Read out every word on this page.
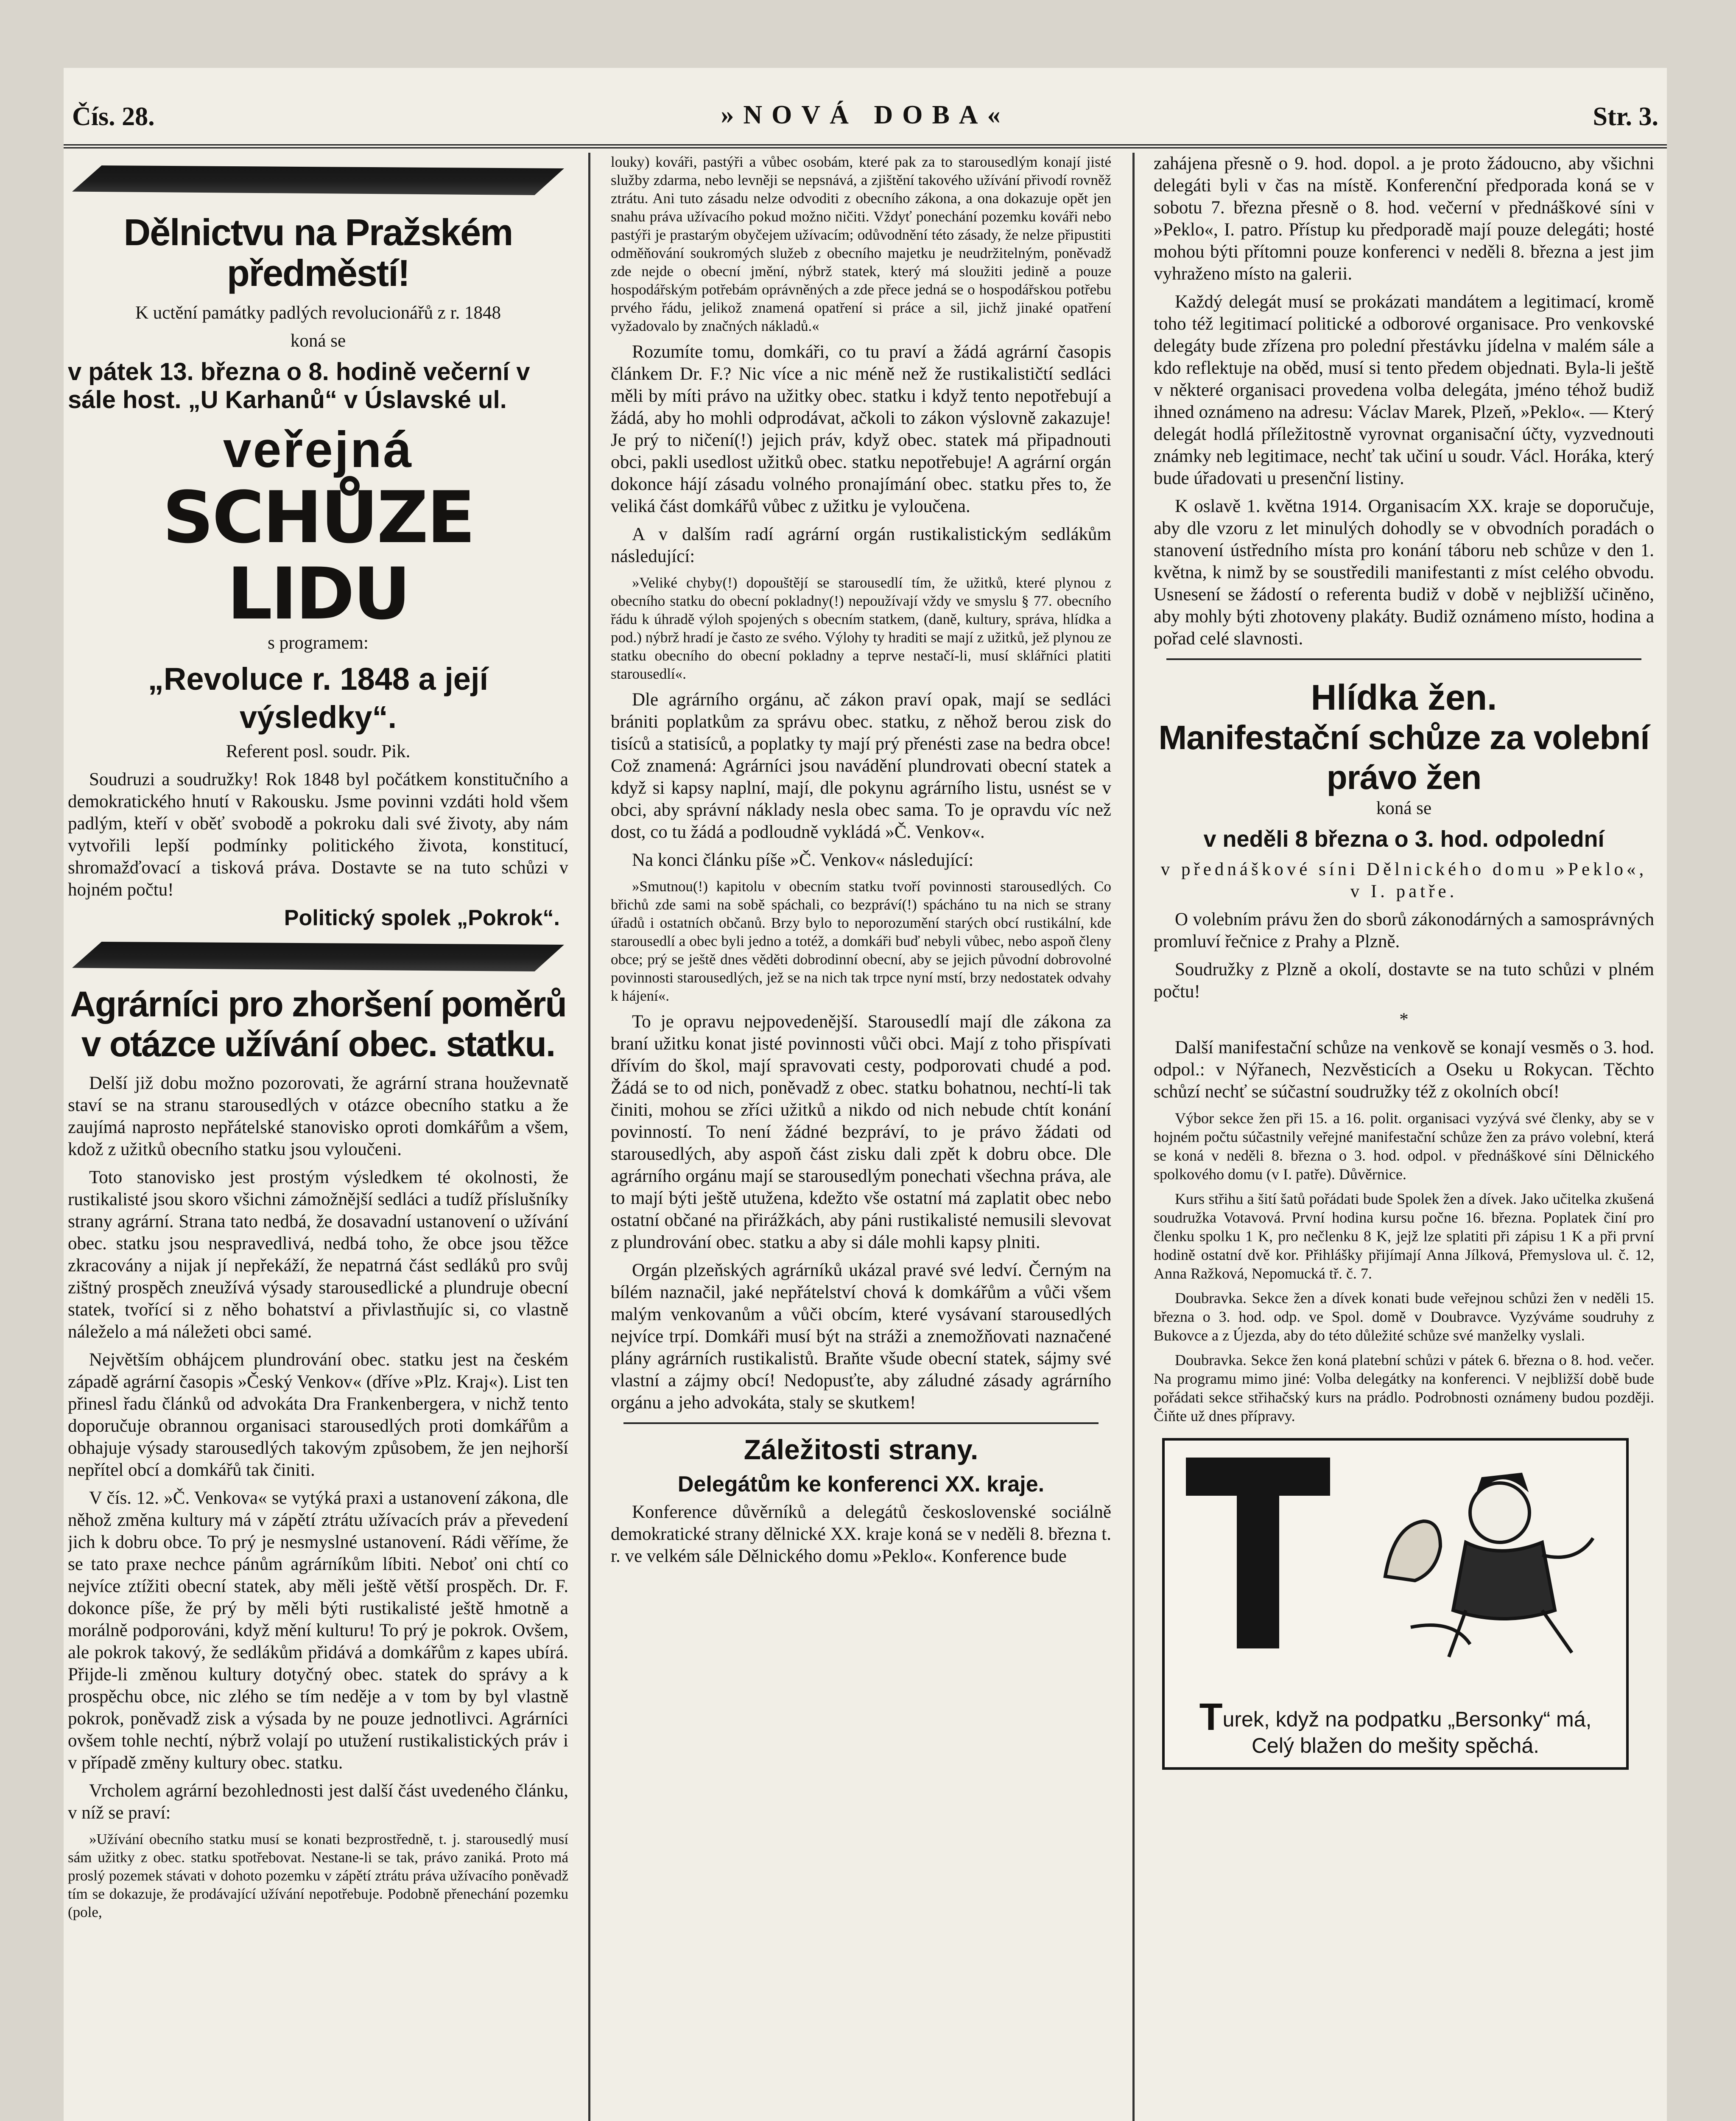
Čís. 28.	»NOVÁ DOBA«	Str. 3.
Dělnictvu na Pražském předměstí!

K uctění památky padlých revolucionářů z r. 1848

koná se

v pátek 13. března o 8. hodině večerní v sále host. „U Karhanů“ v Úslavské ul.

veřejná
SCHŮZE LIDU

s programem:

„Revoluce r. 1848 a její výsledky“.

Referent posl. soudr. Pik.

Soudruzi a soudružky! Rok 1848 byl počátkem konstitučního a demokratického hnutí v Rakousku. Jsme povinni vzdáti hold všem padlým, kteří v oběť svobodě a pokroku dali své životy, aby nám vytvořili lepší podmínky politického života, konstitucí, shromažďovací a tisková práva. Dostavte se na tuto schůzi v hojném počtu!

Politický spolek „Pokrok“.

Agrárníci pro zhoršení poměrů v otázce užívání obec. statku.

Delší již dobu možno pozorovati, že agrární strana houževnatě staví se na stranu starousedlých v otázce obecního statku a že zaujímá naprosto nepřátelské stanovisko oproti domkářům a všem, kdož z užitků obecního statku jsou vyloučeni.

Toto stanovisko jest prostým výsledkem té okolnosti, že rustikalisté jsou skoro všichni zámožnější sedláci a tudíž příslušníky strany agrární. Strana tato nedbá, že dosavadní ustanovení o užívání obec. statku jsou nespravedlivá, nedbá toho, že obce jsou těžce zkracovány a nijak jí nepřekáží, že nepatrná část sedláků pro svůj zištný prospěch zneužívá výsady starousedlické a plundruje obecní statek, tvořící si z něho bohatství a přivlastňujíc si, co vlastně náleželo a má náležeti obci samé.

Největším obhájcem plundrování obec. statku jest na českém západě agrární časopis »Český Venkov« (dříve »Plz. Kraj«). List ten přinesl řadu článků od advokáta Dra Frankenbergera, v nichž tento doporučuje obrannou organisaci starousedlých proti domkářům a obhajuje výsady starousedlých takovým způsobem, že jen nejhorší nepřítel obcí a domkářů tak činiti.

V čís. 12. »Č. Venkova« se vytýká praxi a ustanovení zákona, dle něhož změna kultury má v zápětí ztrátu užívacích práv a převedení jich k dobru obce. To prý je nesmyslné ustanovení. Rádi věříme, že se tato praxe nechce pánům agrárníkům líbiti. Neboť oni chtí co nejvíce ztížiti obecní statek, aby měli ještě větší prospěch. Dr. F. dokonce píše, že prý by měli býti rustikalisté ještě hmotně a morálně podporováni, když mění kulturu! To prý je pokrok. Ovšem, ale pokrok takový, že sedlákům přidává a domkářům z kapes ubírá. Přijde-li změnou kultury dotyčný obec. statek do správy a k prospěchu obce, nic zlého se tím neděje a v tom by byl vlastně pokrok, poněvadž zisk a výsada by ne pouze jednotlivci. Agrárníci ovšem tohle nechtí, nýbrž volají po utužení rustikalistických práv i v případě změny kultury obec. statku.

Vrcholem agrární bezohlednosti jest další část uvedeného článku, v níž se praví:

»Užívání obecního statku musí se konati bezprostředně, t. j. starousedlý musí sám užitky z obec. statku spotřebovat. Nestane-li se tak, právo zaniká. Proto má proslý pozemek stávati v dohoto pozemku v zápětí ztrátu práva užívacího poněvadž tím se dokazuje, že prodávající užívání nepotřebuje. Podobně přenechání pozemku (pole,

louky) kováři, pastýři a vůbec osobám, které pak za to starousedlým konají jisté služby zdarma, nebo levněji se nepsnává, a zjištění takového užívání přivodí rovněž ztrátu. Ani tuto zásadu nelze odvoditi z obecního zákona, a ona dokazuje opět jen snahu práva užívacího pokud možno ničiti. Vždyť ponechání pozemku kováři nebo pastýři je prastarým obyčejem užívacím; odůvodnění této zásady, že nelze připustiti odměňování soukromých služeb z obecního majetku je neudržitelným, poněvadž zde nejde o obecní jmění, nýbrž statek, který má sloužiti jedině a pouze hospodářským potřebám oprávněných a zde přece jedná se o hospodářskou potřebu prvého řádu, jelikož znamená opatření si práce a sil, jichž jinaké opatření vyžadovalo by značných nákladů.«

Rozumíte tomu, domkáři, co tu praví a žádá agrární časopis článkem Dr. F.? Nic více a nic méně než že rustikalističtí sedláci měli by míti právo na užitky obec. statku i když tento nepotřebují a žádá, aby ho mohli odprodávat, ačkoli to zákon výslovně zakazuje! Je prý to ničení(!) jejich práv, když obec. statek má připadnouti obci, pakli usedlost užitků obec. statku nepotřebuje! A agrární orgán dokonce hájí zásadu volného pronajímání obec. statku přes to, že veliká část domkářů vůbec z užitku je vyloučena.

A v dalším radí agrární orgán rustikalistickým sedlákům následující:

»Veliké chyby(!) dopouštějí se starousedlí tím, že užitků, které plynou z obecního statku do obecní pokladny(!) nepoužívají vždy ve smyslu § 77. obecního řádu k úhradě výloh spojených s obecním statkem, (daně, kultury, správa, hlídka a pod.) nýbrž hradí je často ze svého. Výlohy ty hraditi se mají z užitků, jež plynou ze statku obecního do obecní pokladny a teprve nestačí-li, musí sklářníci platiti starousedlí«.

Dle agrárního orgánu, ač zákon praví opak, mají se sedláci brániti poplatkům za správu obec. statku, z něhož berou zisk do tisíců a statisíců, a poplatky ty mají prý přenésti zase na bedra obce! Což znamená: Agrárníci jsou navádění plundrovati obecní statek a když si kapsy naplní, mají, dle pokynu agrárního listu, usnést se v obci, aby správní náklady nesla obec sama. To je opravdu víc než dost, co tu žádá a podloudně vykládá »Č. Venkov«.

Na konci článku píše »Č. Venkov« následující:

»Smutnou(!) kapitolu v obecním statku tvoří povinnosti starousedlých. Co břichů zde sami na sobě spáchali, co bezpráví(!) spácháno tu na nich se strany úřadů i ostatních občanů. Brzy bylo to neporozumění starých obcí rustikální, kde starousedlí a obec byli jedno a totéž, a domkáři buď nebyli vůbec, nebo aspoň členy obce; prý se ještě dnes věděti dobrodinní obecní, aby se jejich původní dobrovolné povinnosti starousedlých, jež se na nich tak trpce nyní mstí, brzy nedostatek odvahy k hájení«.

To je opravu nejpovedenější. Starousedlí mají dle zákona za braní užitku konat jisté povinnosti vůči obci. Mají z toho přispívati dřívím do škol, mají spravovati cesty, podporovati chudé a pod. Žádá se to od nich, poněvadž z obec. statku bohatnou, nechtí-li tak činiti, mohou se zříci užitků a nikdo od nich nebude chtít konání povinností. To není žádné bezpráví, to je právo žádati od starousedlých, aby aspoň část zisku dali zpět k dobru obce. Dle agrárního orgánu mají se starousedlým ponechati všechna práva, ale to mají býti ještě utužena, kdežto vše ostatní má zaplatit obec nebo ostatní občané na přirážkách, aby páni rustikalisté nemusili slevovat z plundrování obec. statku a aby si dále mohli kapsy plniti.

Orgán plzeňských agrárníků ukázal pravé své ledví. Černým na bílém naznačil, jaké nepřátelství chová k domkářům a vůči všem malým venkovanům a vůči obcím, které vysávaní starousedlých nejvíce trpí. Domkáři musí být na stráži a znemožňovati naznačené plány agrárních rustikalistů. Braňte všude obecní statek, sájmy své vlastní a zájmy obcí! Nedopusťte, aby záludné zásady agrárního orgánu a jeho advokáta, staly se skutkem!

Záležitosti strany.
Delegátům ke konferenci XX. kraje.

Konference důvěrníků a delegátů československé sociálně demokratické strany dělnické XX. kraje koná se v neděli 8. března t. r. ve velkém sále Dělnického domu »Peklo«. Konference bude

zahájena přesně o 9. hod. dopol. a je proto žádoucno, aby všichni delegáti byli v čas na místě. Konferenční předporada koná se v sobotu 7. března přesně o 8. hod. večerní v přednáškové síni v »Peklo«, I. patro. Přístup ku předporadě mají pouze delegáti; hosté mohou býti přítomni pouze konferenci v neděli 8. března a jest jim vyhraženo místo na galerii.

Každý delegát musí se prokázati mandátem a legitimací, kromě toho též legitimací politické a odborové organisace. Pro venkovské delegáty bude zřízena pro polední přestávku jídelna v malém sále a kdo reflektuje na oběd, musí si tento předem objednati. Byla-li ještě v některé organisaci provedena volba delegáta, jméno téhož budiž ihned oznámeno na adresu: Václav Marek, Plzeň, »Peklo«. — Který delegát hodlá příležitostně vyrovnat organisační účty, vyzvednouti známky neb legitimace, nechť tak učiní u soudr. Václ. Horáka, který bude úřadovati u presenční listiny.

K oslavě 1. května 1914. Organisacím XX. kraje se doporučuje, aby dle vzoru z let minulých dohodly se v obvodních poradách o stanovení ústředního místa pro konání táboru neb schůze v den 1. května, k nimž by se soustředili manifestanti z míst celého obvodu. Usnesení se žádostí o referenta budiž v době v nejbližší učiněno, aby mohly býti zhotoveny plakáty. Budiž oznámeno místo, hodina a pořad celé slavnosti.

Hlídka žen.
Manifestační schůze za volební právo žen

koná se

v neděli 8 března o 3. hod. odpolední

v přednáškové síni Dělnického domu »Peklo«, v I. patře.

O volebním právu žen do sborů zákonodárných a samosprávných promluví řečnice z Prahy a Plzně.

Soudružky z Plzně a okolí, dostavte se na tuto schůzi v plném počtu!

*

Další manifestační schůze na venkově se konají vesměs o 3. hod. odpol.: v Nýřanech, Nezvěsticích a Oseku u Rokycan. Těchto schůzí nechť se súčastní soudružky též z okolních obcí!

Výbor sekce žen při 15. a 16. polit. organisaci vyzývá své členky, aby se v hojném počtu súčastnily veřejné manifestační schůze žen za právo volební, která se koná v neděli 8. března o 3. hod. odpol. v přednáškové síni Dělnického spolkového domu (v I. patře). Důvěrnice.

Kurs střihu a šití šatů pořádati bude Spolek žen a dívek. Jako učitelka zkušená soudružka Votavová. První hodina kursu počne 16. března. Poplatek činí pro členku spolku 1 K, pro nečlenku 8 K, jejž lze splatiti při zápisu 1 K a při první hodině ostatní dvě kor. Přihlášky přijímají Anna Jílková, Přemyslova ul. č. 12, Anna Ražková, Nepomucká tř. č. 7.

Doubravka. Sekce žen a dívek konati bude veřejnou schůzi žen v neděli 15. března o 3. hod. odp. ve Spol. domě v Doubravce. Vyzýváme soudruhy z Bukovce a z Újezda, aby do této důležité schůze své manželky vyslali.

Doubravka. Sekce žen koná platební schůzi v pátek 6. března o 8. hod. večer. Na programu mimo jiné: Volba delegátky na konferenci. V nejbližší době bude pořádati sekce střihačský kurs na prádlo. Podrobnosti oznámeny budou později. Čiňte už dnes přípravy.

Turek, když na podpatku „Bersonky“ má,
Celý blažen do mešity spěchá.
